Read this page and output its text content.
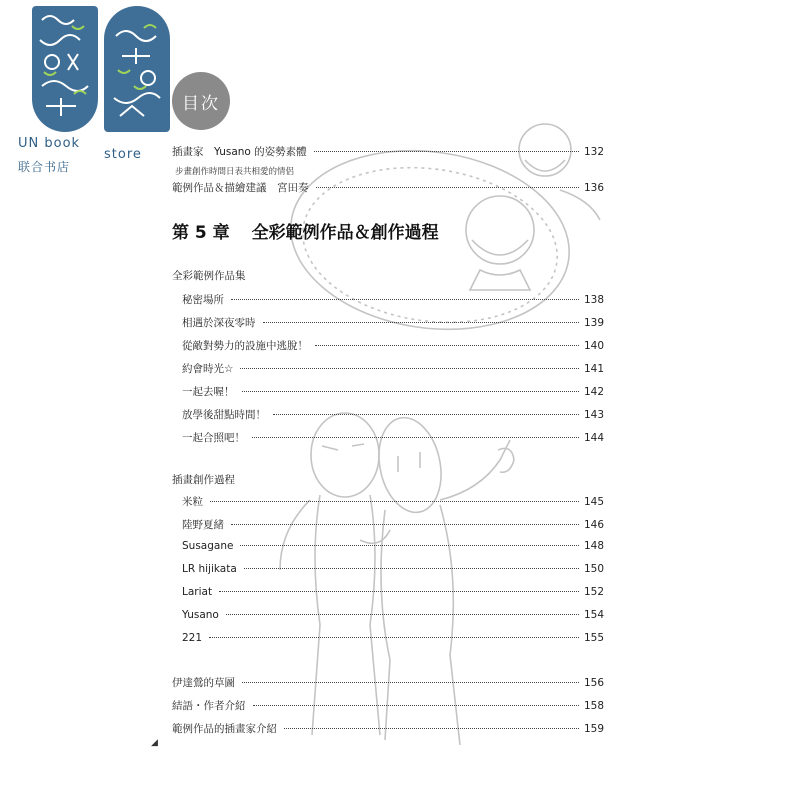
UN book
store
联合书店
目次
插畫家　Yusano 的姿勢素體	132
步畫創作時間日表共相愛的情侶
範例作品＆描繪建議　宮田奏	136
第 5 章 全彩範例作品＆創作過程
全彩範例作品集
秘密場所	138
相遇於深夜零時	139
從敵對勢力的設施中逃脫！	140
約會時光☆	141
一起去喔！	142
放學後甜點時間！	143
一起合照吧！	144
插畫創作過程
米粒	145
陸野夏緒	146
Susagane	148
LR hijikata	150
Lariat	152
Yusano	154
221	155
伊達鶯的草圖	156
結語・作者介紹	158
範例作品的插畫家介紹	159
◢
